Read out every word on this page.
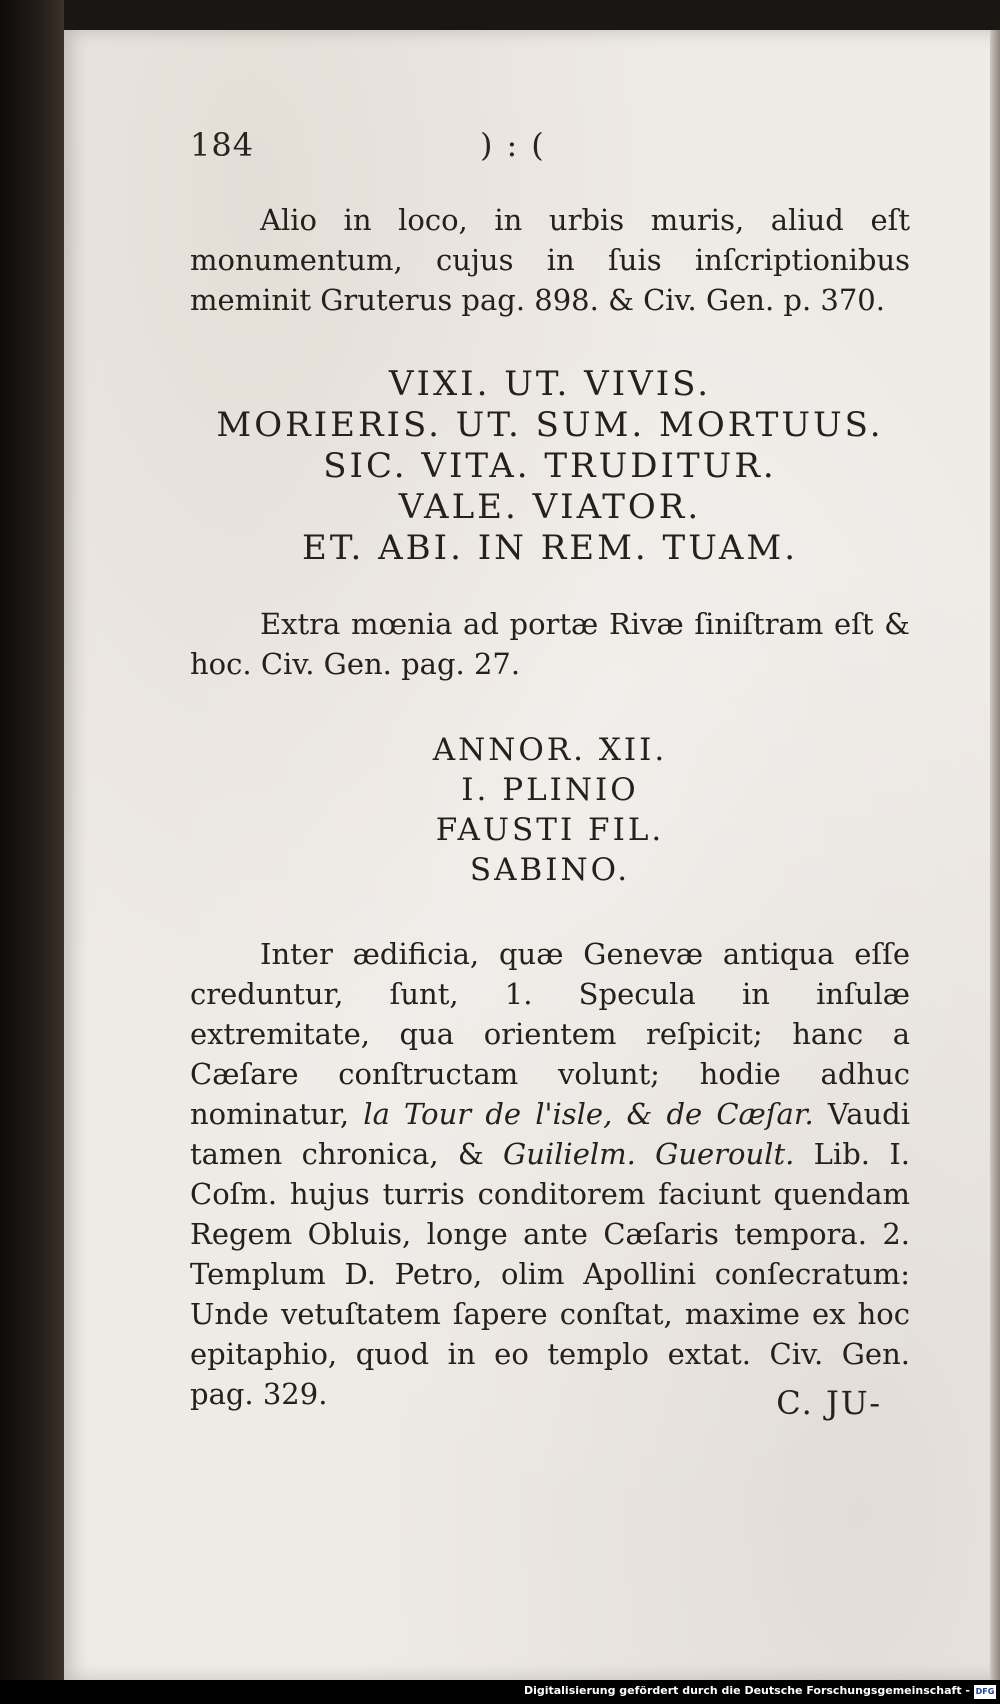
184	):(

Alio in loco, in urbis muris, aliud eſt monumentum, cujus in ſuis inſcriptionibus meminit Gruterus pag. 898. & Civ. Gen. p. 370.

VIXI. UT. VIVIS.
MORIERIS. UT. SUM. MORTUUS.
SIC. VITA. TRUDITUR.
VALE. VIATOR.
ET. ABI. IN REM. TUAM.

Extra mœnia ad portæ Rivæ ſiniſtram eſt & hoc. Civ. Gen. pag. 27.

ANNOR. XII.
I. PLINIO
FAUSTI FIL.
SABINO.

Inter ædificia, quæ Genevæ antiqua eſſe creduntur, ſunt, 1. Specula in inſulæ extremitate, qua orientem reſpicit; hanc a Cæſare conſtructam volunt; hodie adhuc nominatur, la Tour de l'isle, & de Cæſar. Vaudi tamen chronica, & Guilielm. Gueroult. Lib. I. Coſm. hujus turris conditorem faciunt quendam Regem Obluis, longe ante Cæſaris tempora. 2. Templum D. Petro, olim Apollini conſecratum: Unde vetuſtatem ſapere conſtat, maxime ex hoc epitaphio, quod in eo templo extat. Civ. Gen. pag. 329.	C. JU-
Digitalisierung gefördert durch die Deutsche Forschungsgemeinschaft - DFG
